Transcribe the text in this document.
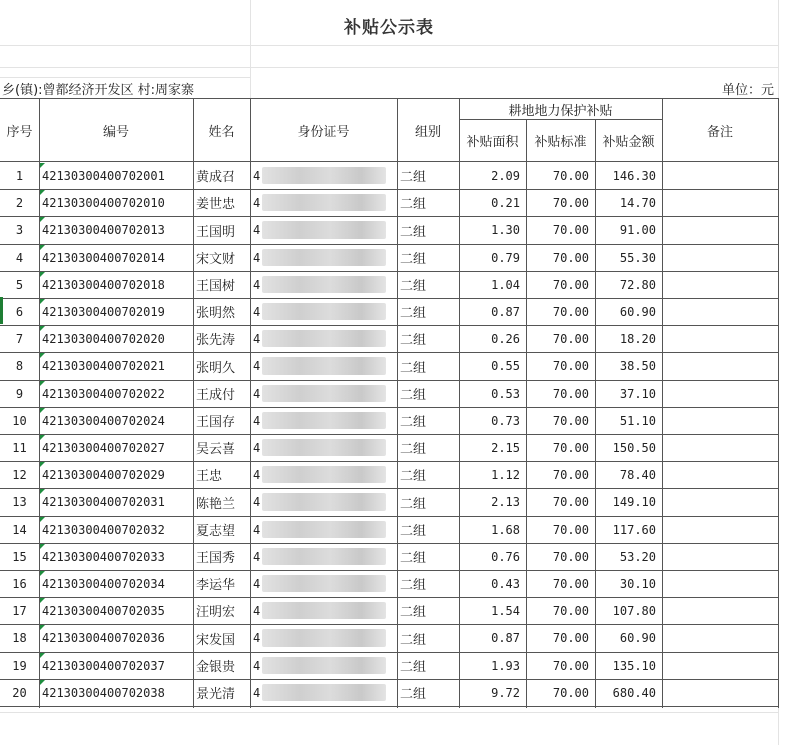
补贴公示表
乡(镇):曾都经济开发区 村:周家寨	单位：元
序号	编号	姓名	身份证号	组别
耕地地力保护补贴
补贴面积	补贴标准	补贴金额
备注
1	42130300400702001	黄成召	4	二组	2.09	70.00	146.30
2	42130300400702010	姜世忠	4	二组	0.21	70.00	14.70
3	42130300400702013	王国明	4	二组	1.30	70.00	91.00
4	42130300400702014	宋文财	4	二组	0.79	70.00	55.30
5	42130300400702018	王国树	4	二组	1.04	70.00	72.80
6	42130300400702019	张明然	4	二组	0.87	70.00	60.90
7	42130300400702020	张先涛	4	二组	0.26	70.00	18.20
8	42130300400702021	张明久	4	二组	0.55	70.00	38.50
9	42130300400702022	王成付	4	二组	0.53	70.00	37.10
10	42130300400702024	王国存	4	二组	0.73	70.00	51.10
11	42130300400702027	吴云喜	4	二组	2.15	70.00	150.50
12	42130300400702029	王忠	4	二组	1.12	70.00	78.40
13	42130300400702031	陈艳兰	4	二组	2.13	70.00	149.10
14	42130300400702032	夏志望	4	二组	1.68	70.00	117.60
15	42130300400702033	王国秀	4	二组	0.76	70.00	53.20
16	42130300400702034	李运华	4	二组	0.43	70.00	30.10
17	42130300400702035	汪明宏	4	二组	1.54	70.00	107.80
18	42130300400702036	宋发国	4	二组	0.87	70.00	60.90
19	42130300400702037	金银贵	4	二组	1.93	70.00	135.10
20	42130300400702038	景光清	4	二组	9.72	70.00	680.40
